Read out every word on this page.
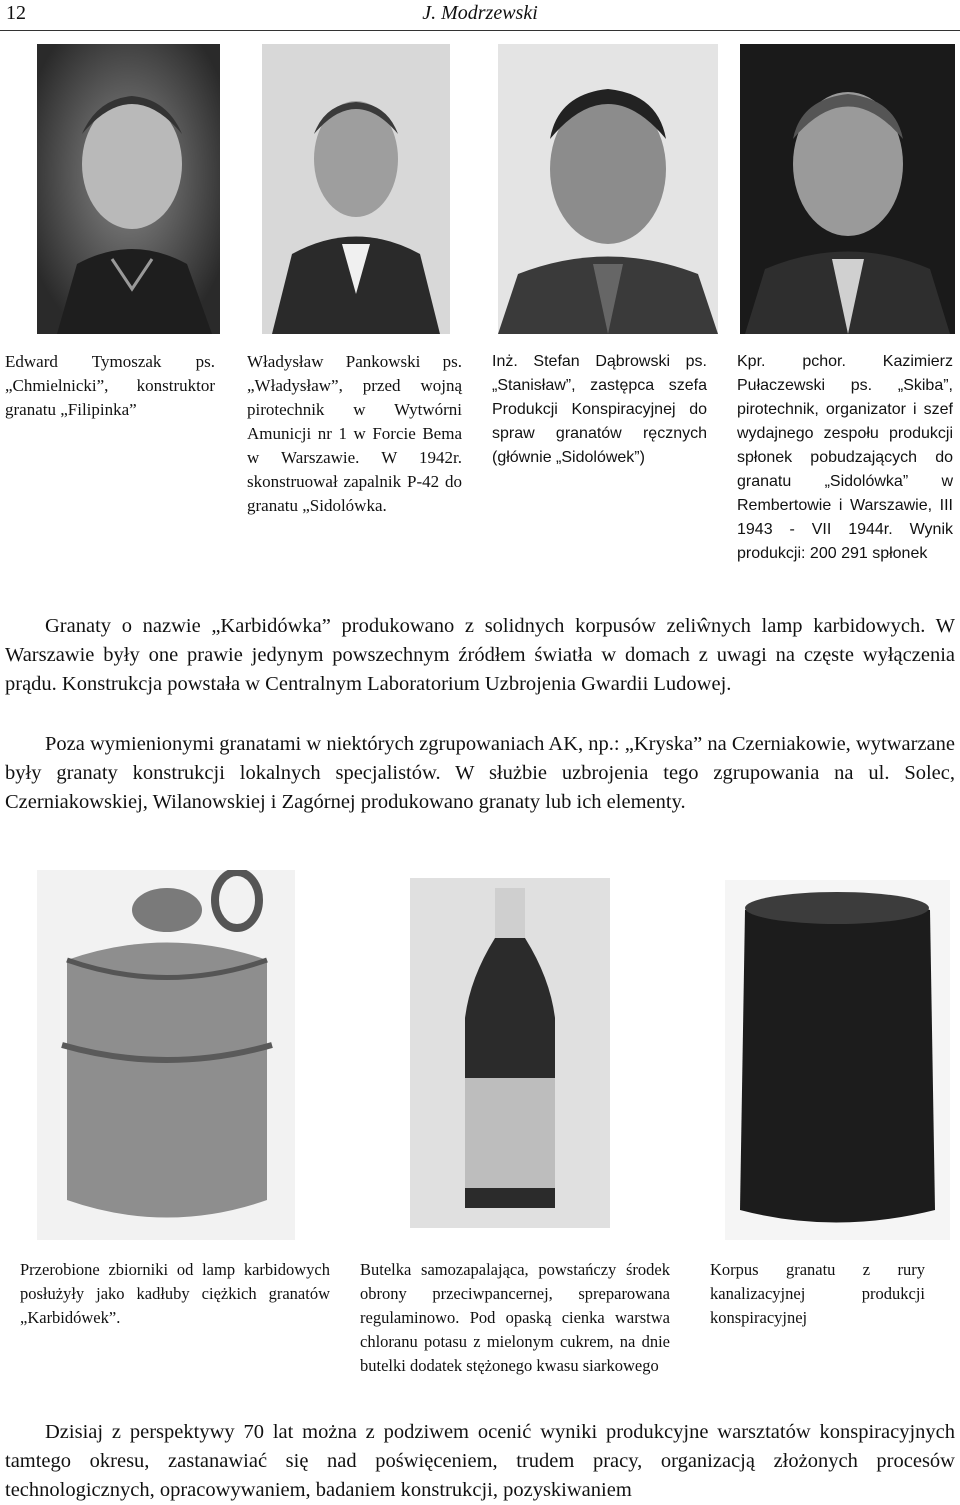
12	J. Modrzewski
Edward Tymoszak ps. „Chmielnicki”, konstruktor granatu „Filipinka”
Władysław Pankowski ps. „Władysław”, przed wojną pirotechnik w Wytwórni Amunicji nr 1 w Forcie Bema w Warszawie. W 1942r. skonstruował zapalnik P-42 do granatu „Sidolówka.
Inż. Stefan Dąbrowski ps. „Stanisław”, zastępca szefa Produkcji Konspiracyjnej do spraw granatów ręcznych (głównie „Sidolówek”)
Kpr. pchor. Kazimierz Pułaczewski ps. „Skiba”, pirotechnik, organizator i szef wydajnego zespołu produkcji spłonek pobudzających do granatu „Sidolówka” w Rembertowie i Warszawie, III 1943 - VII 1944r. Wynik produkcji: 200 291 spłonek

Granaty o nazwie „Karbidówka” produkowano z solidnych korpusów zeliŵnych lamp karbidowych. W Warszawie były one prawie jedynym powszechnym źródłem światła w domach z uwagi na częste wyłączenia prądu. Konstrukcja powstała w Centralnym Laboratorium Uzbrojenia Gwardii Ludowej.

Poza wymienionymi granatami w niektórych zgrupowaniach AK, np.: „Kryska” na Czerniakowie, wytwarzane były granaty konstrukcji lokalnych specjalistów. W służbie uzbrojenia tego zgrupowania na ul. Solec, Czerniakowskiej, Wilanowskiej i Zagórnej produkowano granaty lub ich elementy.

Przerobione zbiorniki od lamp karbidowych posłużyły jako kadłuby ciężkich granatów „Karbidówek”.
Butelka samozapalająca, powstańczy środek obrony przeciwpancernej, spreparowana regulaminowo. Pod opaską cienka warstwa chloranu potasu z mielonym cukrem, na dnie butelki dodatek stężonego kwasu siarkowego
Korpus granatu z rury kanalizacyjnej produkcji konspiracyjnej

Dzisiaj z perspektywy 70 lat można z podziwem ocenić wyniki produkcyjne warsztatów konspiracyjnych tamtego okresu, zastanawiać się nad poświęceniem, trudem pracy, organizacją złożonych procesów technologicznych, opracowywaniem, badaniem konstrukcji, pozyskiwaniem
